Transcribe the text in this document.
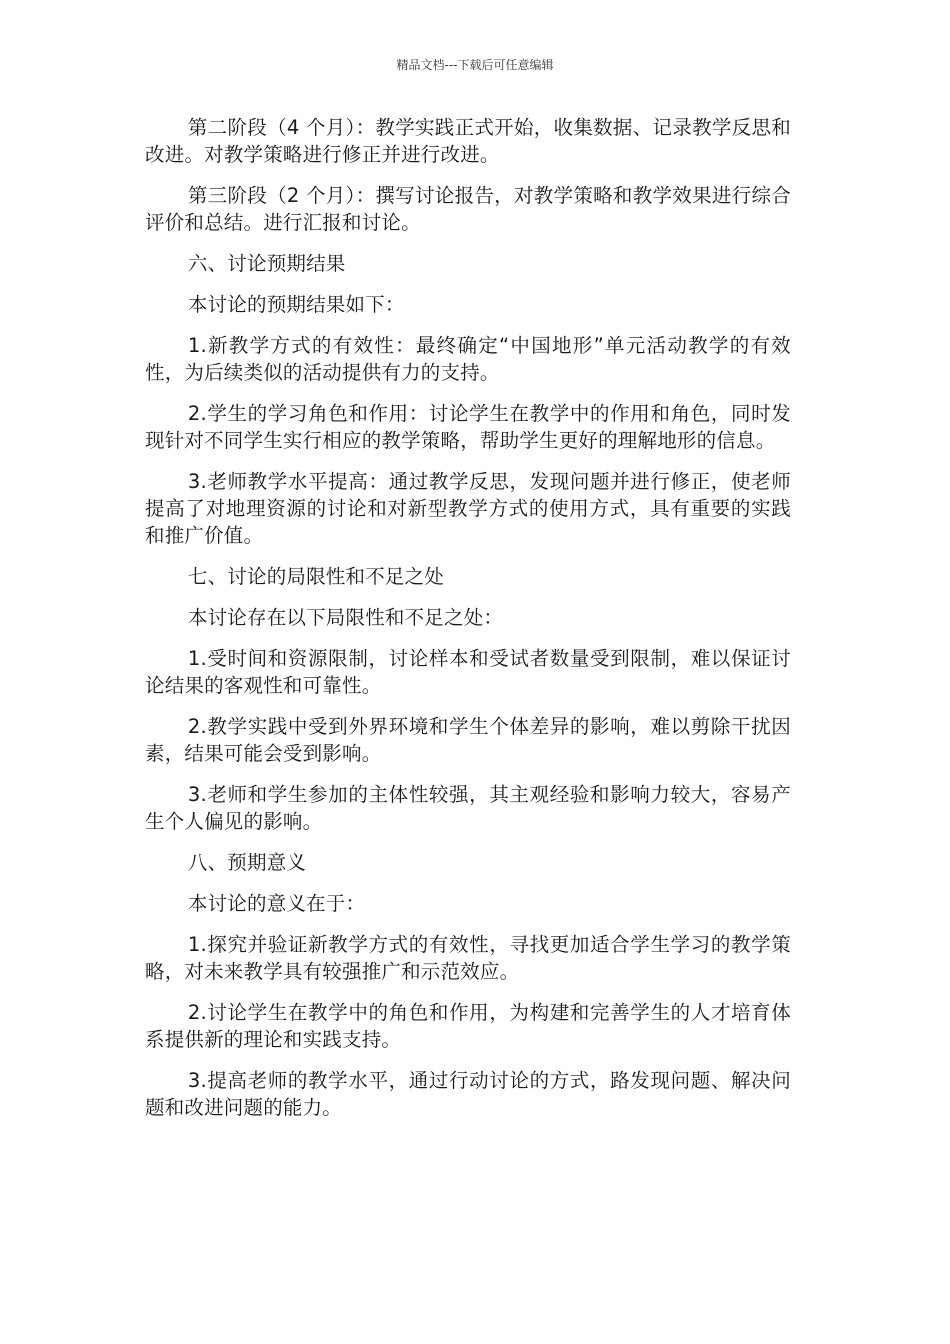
精品文档---下载后可任意编辑

第二阶段（4 个月）：教学实践正式开始，收集数据、记录教学反思和改进。对教学策略进行修正并进行改进。

第三阶段（2 个月）：撰写讨论报告，对教学策略和教学效果进行综合评价和总结。进行汇报和讨论。

六、讨论预期结果

本讨论的预期结果如下：

1.新教学方式的有效性：最终确定“中国地形”单元活动教学的有效性，为后续类似的活动提供有力的支持。

2.学生的学习角色和作用：讨论学生在教学中的作用和角色，同时发现针对不同学生实行相应的教学策略，帮助学生更好的理解地形的信息。

3.老师教学水平提高：通过教学反思，发现问题并进行修正，使老师提高了对地理资源的讨论和对新型教学方式的使用方式，具有重要的实践和推广价值。

七、讨论的局限性和不足之处

本讨论存在以下局限性和不足之处：

1.受时间和资源限制，讨论样本和受试者数量受到限制，难以保证讨论结果的客观性和可靠性。

2.教学实践中受到外界环境和学生个体差异的影响，难以剪除干扰因素，结果可能会受到影响。

3.老师和学生参加的主体性较强，其主观经验和影响力较大，容易产生个人偏见的影响。

八、预期意义

本讨论的意义在于：

1.探究并验证新教学方式的有效性，寻找更加适合学生学习的教学策略，对未来教学具有较强推广和示范效应。

2.讨论学生在教学中的角色和作用，为构建和完善学生的人才培育体系提供新的理论和实践支持。

3.提高老师的教学水平，通过行动讨论的方式，路发现问题、解决问题和改进问题的能力。
